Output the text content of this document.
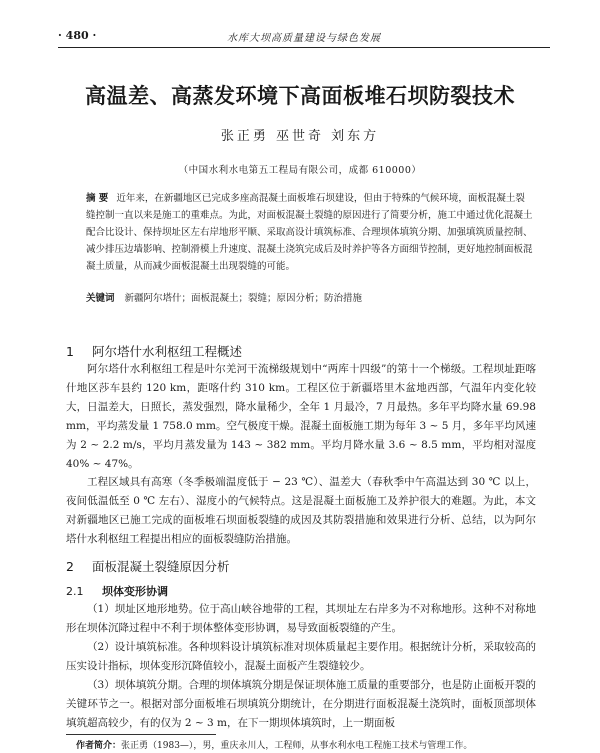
· 480 ·	水库大坝高质量建设与绿色发展
高温差、高蒸发环境下高面板堆石坝防裂技术
张正勇 巫世奇 刘东方
（中国水利水电第五工程局有限公司，成都 610000）
摘 要 近年来，在新疆地区已完成多座高混凝土面板堆石坝建设，但由于特殊的气候环境，面板混凝土裂缝控制一直以来是施工的重难点。为此，对面板混凝土裂缝的原因进行了简要分析，施工中通过优化混凝土配合比设计、保持坝址区左右岸地形平顺、采取高设计填筑标准、合理坝体填筑分期、加强填筑质量控制、减少排压边墙影响、控制滑模上升速度、混凝土浇筑完成后及时养护等各方面细节控制，更好地控制面板混凝土质量，从而减少面板混凝土出现裂缝的可能。
关键词 新疆阿尔塔什；面板混凝土；裂缝；原因分析；防治措施
1 阿尔塔什水利枢纽工程概述
阿尔塔什水利枢纽工程是叶尔羌河干流梯级规划中“两库十四级”的第十一个梯级。工程坝址距喀什地区莎车县约 120 km，距喀什约 310 km。工程区位于新疆塔里木盆地西部，气温年内变化较大，日温差大，日照长，蒸发强烈，降水量稀少，全年 1 月最冷，7 月最热。多年平均降水量 69.98 mm，平均蒸发量 1 758.0 mm。空气极度干燥。混凝土面板施工期为每年 3 ~ 5 月，多年平均风速为 2 ~ 2.2 m/s，平均月蒸发量为 143 ~ 382 mm。平均月降水量 3.6 ~ 8.5 mm，平均相对湿度 40% ~ 47%。
工程区域具有高寒（冬季极端温度低于 − 23 ℃）、温差大（春秋季中午高温达到 30 ℃ 以上，夜间低温低至 0 ℃ 左右）、湿度小的气候特点。这是混凝土面板施工及养护很大的难题。为此，本文对新疆地区已施工完成的面板堆石坝面板裂缝的成因及其防裂措施和效果进行分析、总结，以为阿尔塔什水利枢纽工程提出相应的面板裂缝防治措施。
2 面板混凝土裂缝原因分析
2.1 坝体变形协调
（1）坝址区地形地势。位于高山峡谷地带的工程，其坝址左右岸多为不对称地形。这种不对称地形在坝体沉降过程中不利于坝体整体变形协调，易导致面板裂缝的产生。
（2）设计填筑标准。各种坝料设计填筑标准对坝体质量起主要作用。根据统计分析，采取较高的压实设计指标，坝体变形沉降值较小，混凝土面板产生裂缝较少。
（3）坝体填筑分期。合理的坝体填筑分期是保证坝体施工质量的重要部分，也是防止面板开裂的关键环节之一。根据对部分面板堆石坝填筑分期统计，在分期进行面板混凝土浇筑时，面板顶部坝体填筑超高较少，有的仅为 2 ~ 3 m，在下一期坝体填筑时，上一期面板
作者简介：张正勇（1983—），男，重庆永川人，工程师，从事水利水电工程施工技术与管理工作。
